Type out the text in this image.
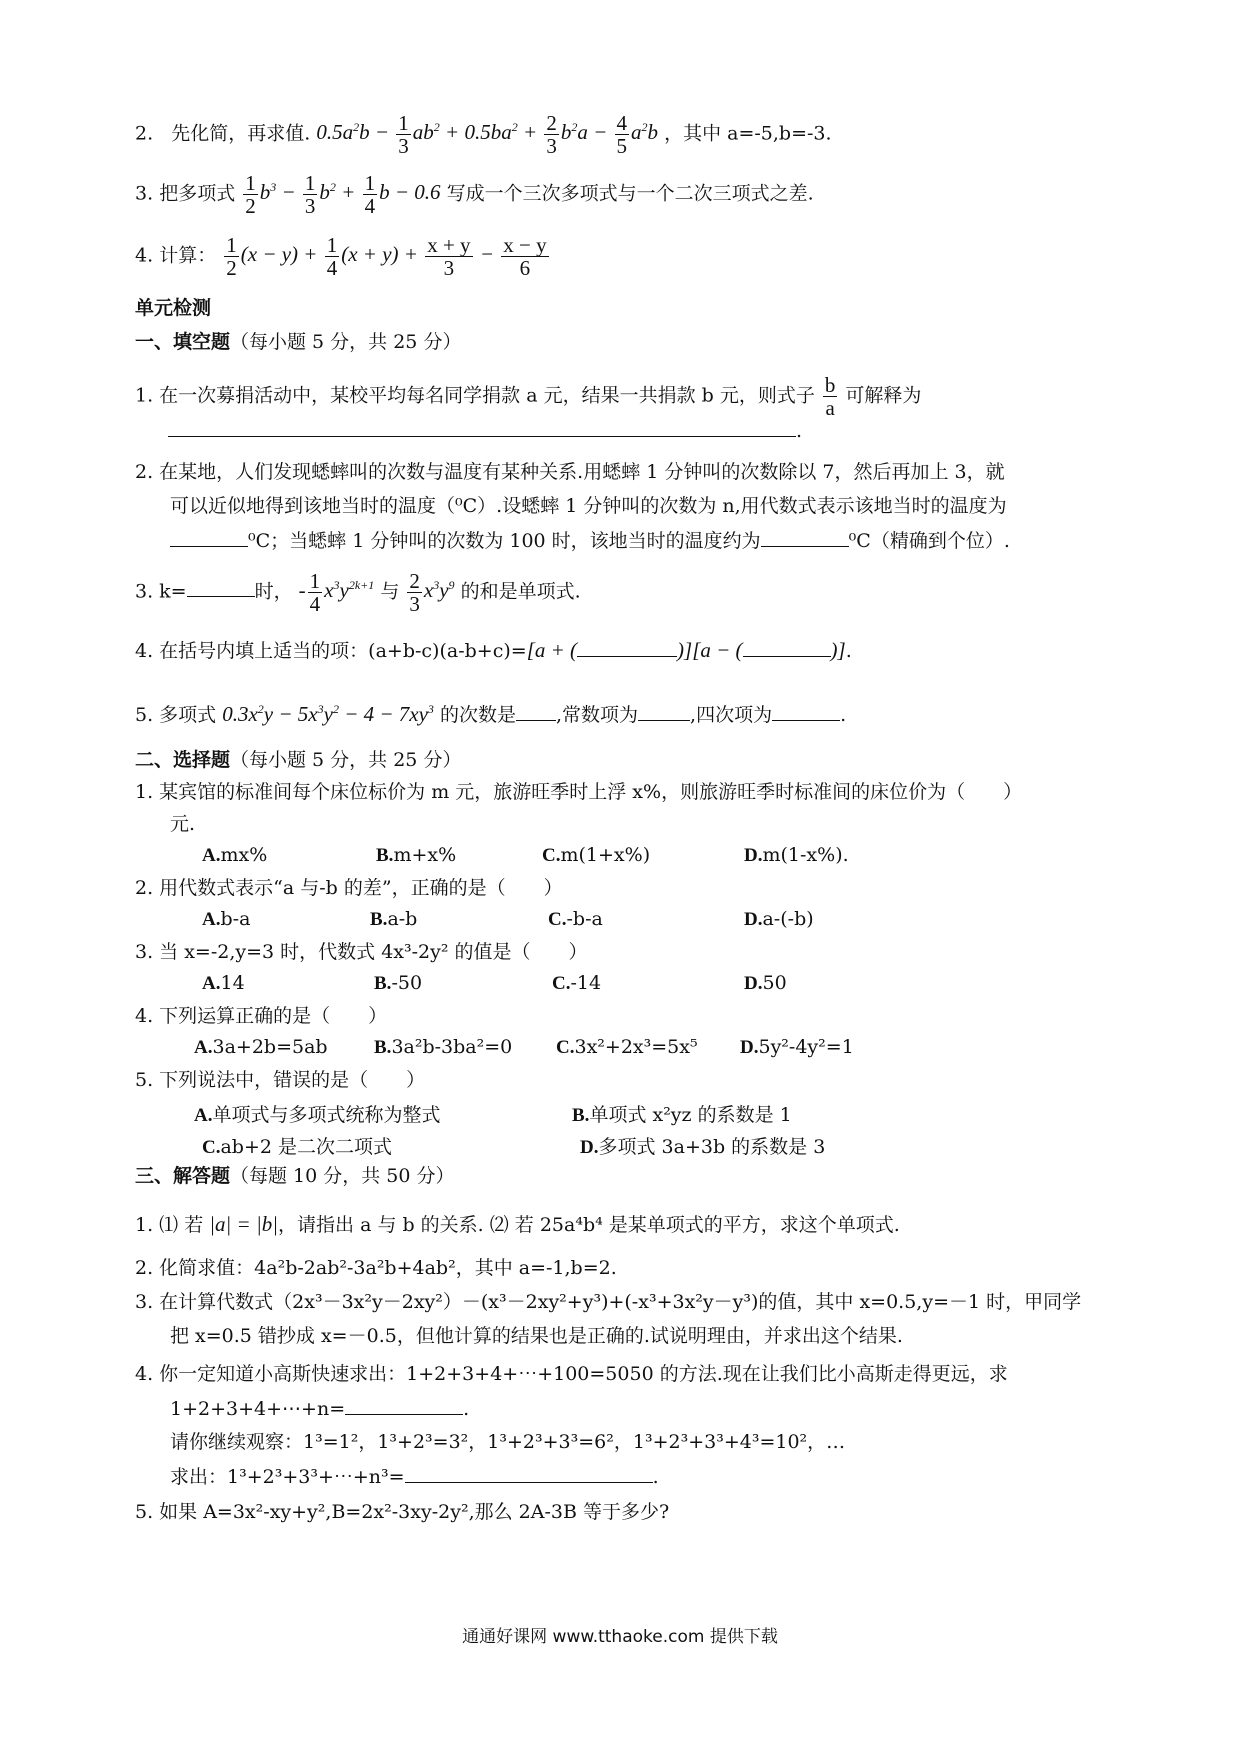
2. 先化简，再求值. $0.5a^2b - \frac{1}{3} ab^2 + 0.5ba^2 + \frac{2}{3} b^2a - \frac{4}{5} a^2b$ ，其中 a=-5,b=-3.
3. 把多项式 $\frac{1}{2} b^3 - \frac{1}{3} b^2 + \frac{1}{4}$ b − 0.6 写成一个三次多项式与一个二次三项式之差.
4. 计算： $\frac{1}{2} (x - y) + \frac{1}{4} (x + y) + \frac{x + y}{3} - \frac{x - y}{6}$
单元检测
一、填空题（每小题 5 分，共 25 分）
1. 在一次募捐活动中，某校平均每名同学捐款 a 元，结果一共捐款 b 元，则式子 $\frac{b}{a}$ 可解释为
.
2. 在某地，人们发现蟋蟀叫的次数与温度有某种关系.用蟋蟀 1 分钟叫的次数除以 7，然后再加上 3，就
可以近似地得到该地当时的温度（⁰C）.设蟋蟀 1 分钟叫的次数为 n,用代数式表示该地当时的温度为
⁰C；当蟋蟀 1 分钟叫的次数为 100 时，该地当时的温度约为	⁰C（精确到个位）.
3. k=	时， - $\frac{1}{4} x^3y^{2k+1}$ 与 $\frac{2}{3} x^3y^9$ 的和是单项式.
4. 在括号内填上适当的项：(a+b-c)(a-b+c)=[a + (	)][a − (	)].
5. 多项式 $0.3x^2y - 5x^3y^2 - 4 - 7xy^3$ 的次数是 ,常数项为	,四次项为	.
二、选择题（每小题 5 分，共 25 分）
1. 某宾馆的标准间每个床位标价为 m 元，旅游旺季时上浮 x%，则旅游旺季时标准间的床位价为（　　）
元.
A.mx%	B.m+x%	C.m(1+x%)	D.m(1-x%).
2. 用代数式表示“a 与-b 的差”，正确的是（　　）
A.b-a	B.a-b	C.-b-a	D.a-(-b)
3. 当 x=-2,y=3 时，代数式 4x³-2y² 的值是（　　）
A.14	B.-50	C.-14	D.50
4. 下列运算正确的是（　　）
A.3a+2b=5ab B.3a²b-3ba²=0 C.3x²+2x³=5x⁵ D.5y²-4y²=1
5. 下列说法中，错误的是（　　）
A.单项式与多项式统称为整式	B.单项式 x²yz 的系数是 1
C.ab+2 是二次二项式	D.多项式 3a+3b 的系数是 3
三、解答题（每题 10 分，共 50 分）
1. ⑴ 若 |a| = |b|，请指出 a 与 b 的关系. ⑵ 若 25a⁴b⁴ 是某单项式的平方，求这个单项式.
2. 化简求值：4a²b-2ab²-3a²b+4ab²，其中 a=-1,b=2.
3. 在计算代数式（2x³－3x²y－2xy²）－(x³－2xy²+y³)+(-x³+3x²y－y³)的值，其中 x=0.5,y=－1 时，甲同学
把 x=0.5 错抄成 x=－0.5，但他计算的结果也是正确的.试说明理由，并求出这个结果.
4. 你一定知道小高斯快速求出：1+2+3+4+⋯+100=5050 的方法.现在让我们比小高斯走得更远，求
1+2+3+4+⋯+n=	.
请你继续观察：1³=1²，1³+2³=3²，1³+2³+3³=6²，1³+2³+3³+4³=10²，…
求出：1³+2³+3³+⋯+n³=	.
5. 如果 A=3x²-xy+y²,B=2x²-3xy-2y²,那么 2A-3B 等于多少?
通通好课网 www.tthaoke.com 提供下载
